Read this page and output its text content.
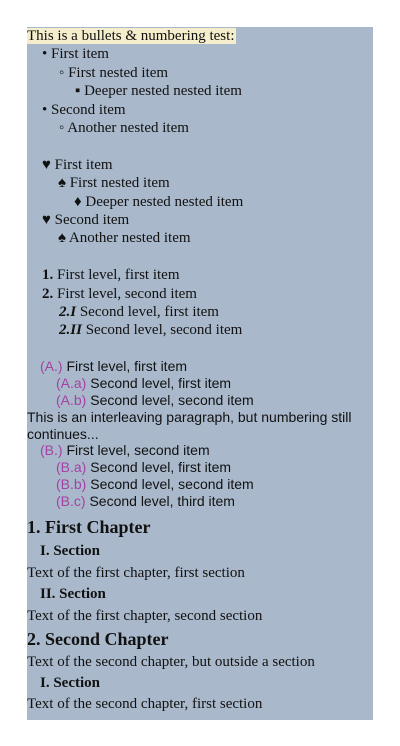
This is a bullets & numbering test:
• First item
◦ First nested item
▪ Deeper nested nested item
• Second item
◦ Another nested item
♥ First item
♠ First nested item
♦ Deeper nested nested item
♥ Second item
♠ Another nested item
1. First level, first item
2. First level, second item
2.I Second level, first item
2.II Second level, second item
(A.) First level, first item
(A.a) Second level, first item
(A.b) Second level, second item
This is an interleaving paragraph, but numbering still
continues...
(B.) First level, second item
(B.a) Second level, first item
(B.b) Second level, second item
(B.c) Second level, third item
1. First Chapter
I. Section
Text of the first chapter, first section
II. Section
Text of the first chapter, second section
2. Second Chapter
Text of the second chapter, but outside a section
I. Section
Text of the second chapter, first section
